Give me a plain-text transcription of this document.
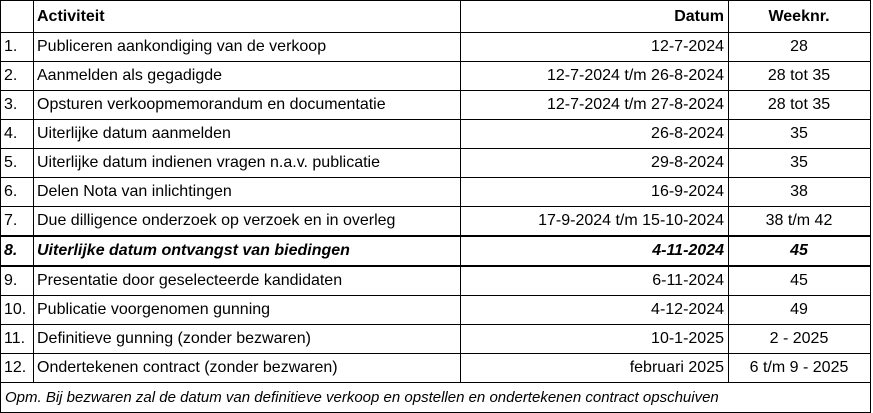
	Activiteit	Datum	Weeknr.
1.	Publiceren aankondiging van de verkoop	12-7-2024	28
2.	Aanmelden als gegadigde	12-7-2024 t/m 26-8-2024	28 tot 35
3.	Opsturen verkoopmemorandum en documentatie	12-7-2024 t/m 27-8-2024	28 tot 35
4.	Uiterlijke datum aanmelden	26-8-2024	35
5.	Uiterlijke datum indienen vragen n.a.v. publicatie	29-8-2024	35
6.	Delen Nota van inlichtingen	16-9-2024	38
7.	Due dilligence onderzoek op verzoek en in overleg	17-9-2024 t/m 15-10-2024	38 t/m 42
8.	Uiterlijke datum ontvangst van biedingen	4-11-2024	45
9.	Presentatie door geselecteerde kandidaten	6-11-2024	45
10.	Publicatie voorgenomen gunning	4-12-2024	49
11.	Definitieve gunning (zonder bezwaren)	10-1-2025	2 - 2025
12.	Ondertekenen contract (zonder bezwaren)	februari 2025	6 t/m 9 - 2025
Opm. Bij bezwaren zal de datum van definitieve verkoop en opstellen en ondertekenen contract opschuiven			
